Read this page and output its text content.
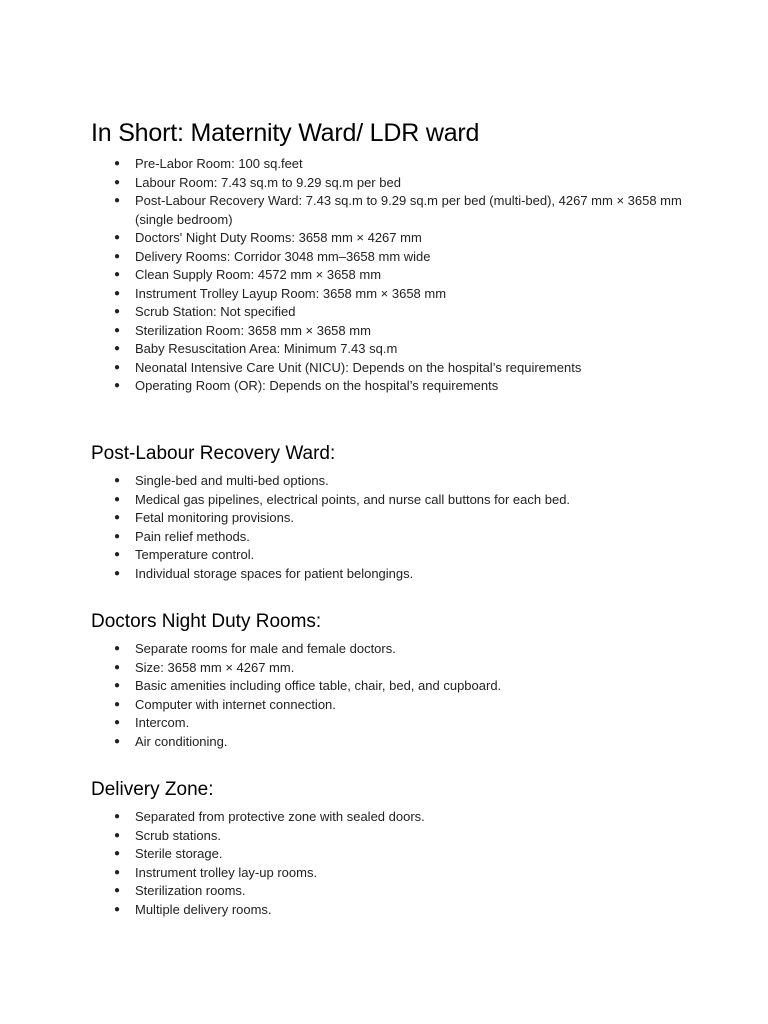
In Short: Maternity Ward/ LDR ward
● Pre-Labor Room: 100 sq.feet
● Labour Room: 7.43 sq.m to 9.29 sq.m per bed
● Post-Labour Recovery Ward: 7.43 sq.m to 9.29 sq.m per bed (multi-bed), 4267 mm × 3658 mm (single bedroom)
● Doctors' Night Duty Rooms: 3658 mm × 4267 mm
● Delivery Rooms: Corridor 3048 mm–3658 mm wide
● Clean Supply Room: 4572 mm × 3658 mm
● Instrument Trolley Layup Room: 3658 mm × 3658 mm
● Scrub Station: Not specified
● Sterilization Room: 3658 mm × 3658 mm
● Baby Resuscitation Area: Minimum 7.43 sq.m
● Neonatal Intensive Care Unit (NICU): Depends on the hospital’s requirements
● Operating Room (OR): Depends on the hospital’s requirements
Post-Labour Recovery Ward:
● Single-bed and multi-bed options.
● Medical gas pipelines, electrical points, and nurse call buttons for each bed.
● Fetal monitoring provisions.
● Pain relief methods.
● Temperature control.
● Individual storage spaces for patient belongings.
Doctors Night Duty Rooms:
● Separate rooms for male and female doctors.
● Size: 3658 mm × 4267 mm.
● Basic amenities including office table, chair, bed, and cupboard.
● Computer with internet connection.
● Intercom.
● Air conditioning.
Delivery Zone:
● Separated from protective zone with sealed doors.
● Scrub stations.
● Sterile storage.
● Instrument trolley lay-up rooms.
● Sterilization rooms.
● Multiple delivery rooms.
